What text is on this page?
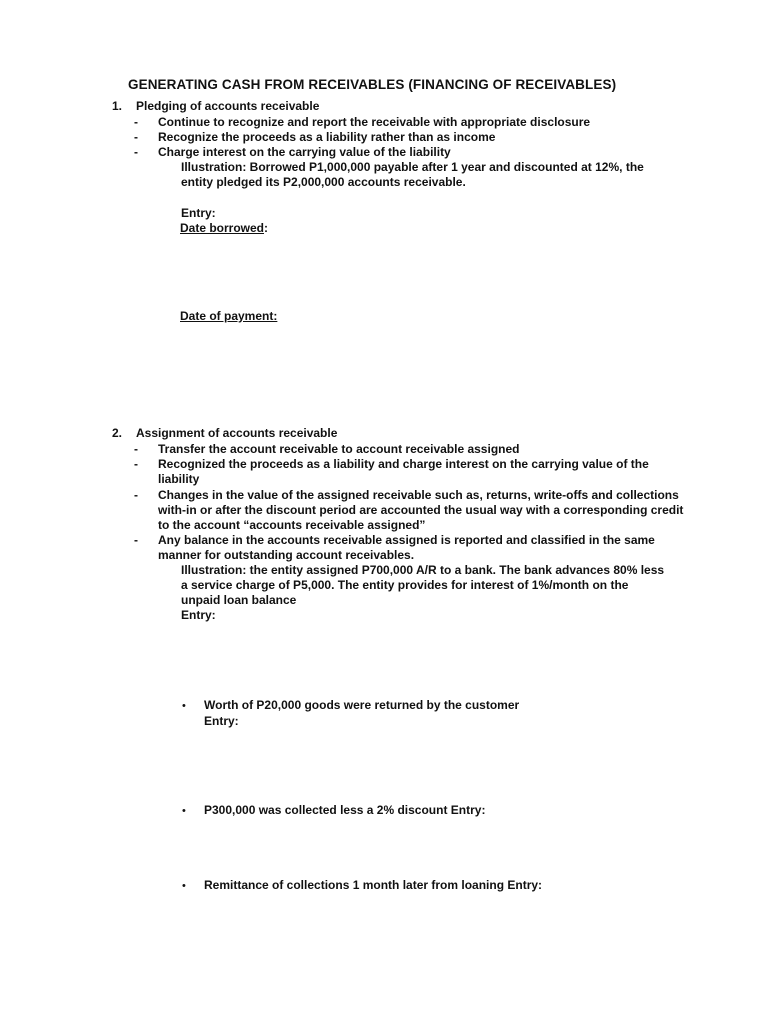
GENERATING CASH FROM RECEIVABLES (FINANCING OF RECEIVABLES)
1. Pledging of accounts receivable
- Continue to recognize and report the receivable with appropriate disclosure
- Recognize the proceeds as a liability rather than as income
- Charge interest on the carrying value of the liability
Illustration: Borrowed P1,000,000 payable after 1 year and discounted at 12%, the
entity pledged its P2,000,000 accounts receivable.
Entry:
Date borrowed:
Date of payment:
2. Assignment of accounts receivable
- Transfer the account receivable to account receivable assigned
- Recognized the proceeds as a liability and charge interest on the carrying value of the
liability
- Changes in the value of the assigned receivable such as, returns, write-offs and collections
with-in or after the discount period are accounted the usual way with a corresponding credit
to the account “accounts receivable assigned”
- Any balance in the accounts receivable assigned is reported and classified in the same
manner for outstanding account receivables.
Illustration: the entity assigned P700,000 A/R to a bank. The bank advances 80% less
a service charge of P5,000. The entity provides for interest of 1%/month on the
unpaid loan balance
Entry:
• Worth of P20,000 goods were returned by the customer
Entry:
• P300,000 was collected less a 2% discount Entry:
• Remittance of collections 1 month later from loaning Entry:
